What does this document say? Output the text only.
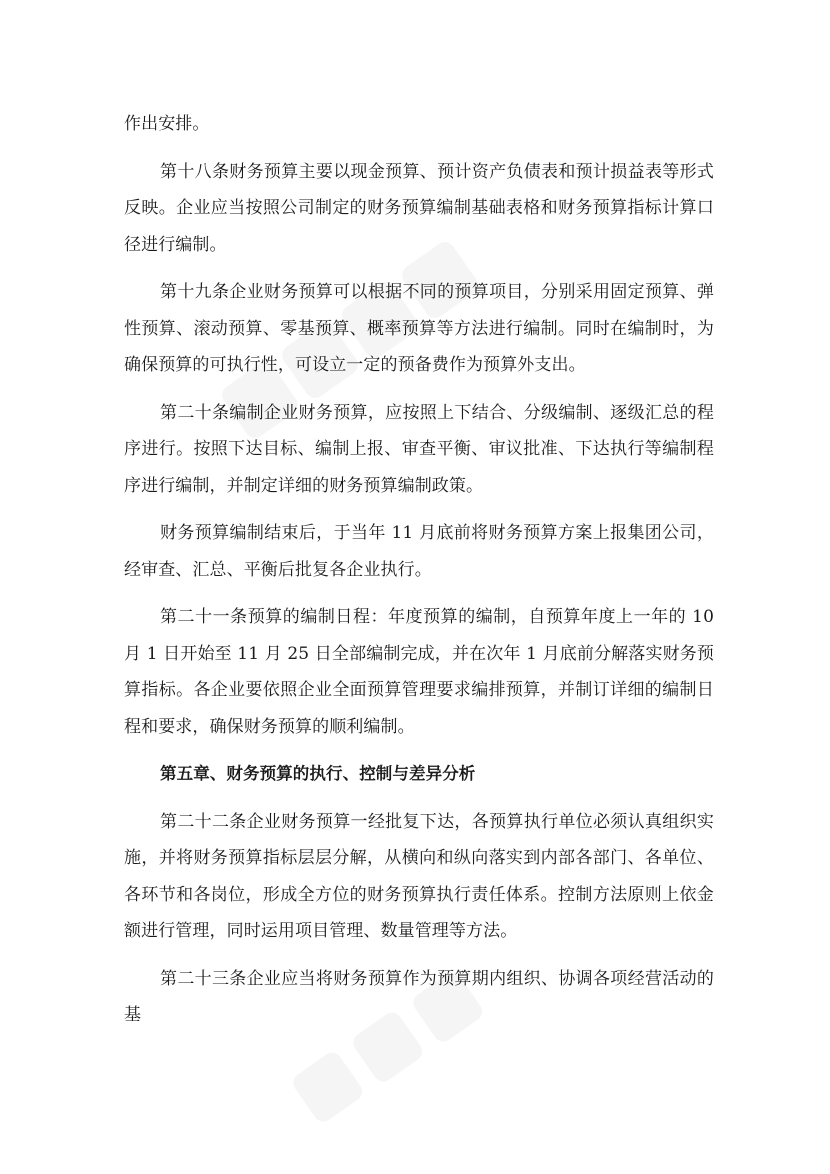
作出安排。

第十八条财务预算主要以现金预算、预计资产负债表和预计损益表等形式反映。企业应当按照公司制定的财务预算编制基础表格和财务预算指标计算口径进行编制。

第十九条企业财务预算可以根据不同的预算项目，分别采用固定预算、弹性预算、滚动预算、零基预算、概率预算等方法进行编制。同时在编制时，为确保预算的可执行性，可设立一定的预备费作为预算外支出。

第二十条编制企业财务预算，应按照上下结合、分级编制、逐级汇总的程序进行。按照下达目标、编制上报、审查平衡、审议批准、下达执行等编制程序进行编制，并制定详细的财务预算编制政策。

财务预算编制结束后，于当年 11 月底前将财务预算方案上报集团公司，经审查、汇总、平衡后批复各企业执行。

第二十一条预算的编制日程：年度预算的编制，自预算年度上一年的 10 月 1 日开始至 11 月 25 日全部编制完成，并在次年 1 月底前分解落实财务预算指标。各企业要依照企业全面预算管理要求编排预算，并制订详细的编制日程和要求，确保财务预算的顺利编制。

第五章、财务预算的执行、控制与差异分析

第二十二条企业财务预算一经批复下达，各预算执行单位必须认真组织实施，并将财务预算指标层层分解，从横向和纵向落实到内部各部门、各单位、各环节和各岗位，形成全方位的财务预算执行责任体系。控制方法原则上依金额进行管理，同时运用项目管理、数量管理等方法。

第二十三条企业应当将财务预算作为预算期内组织、协调各项经营活动的基
